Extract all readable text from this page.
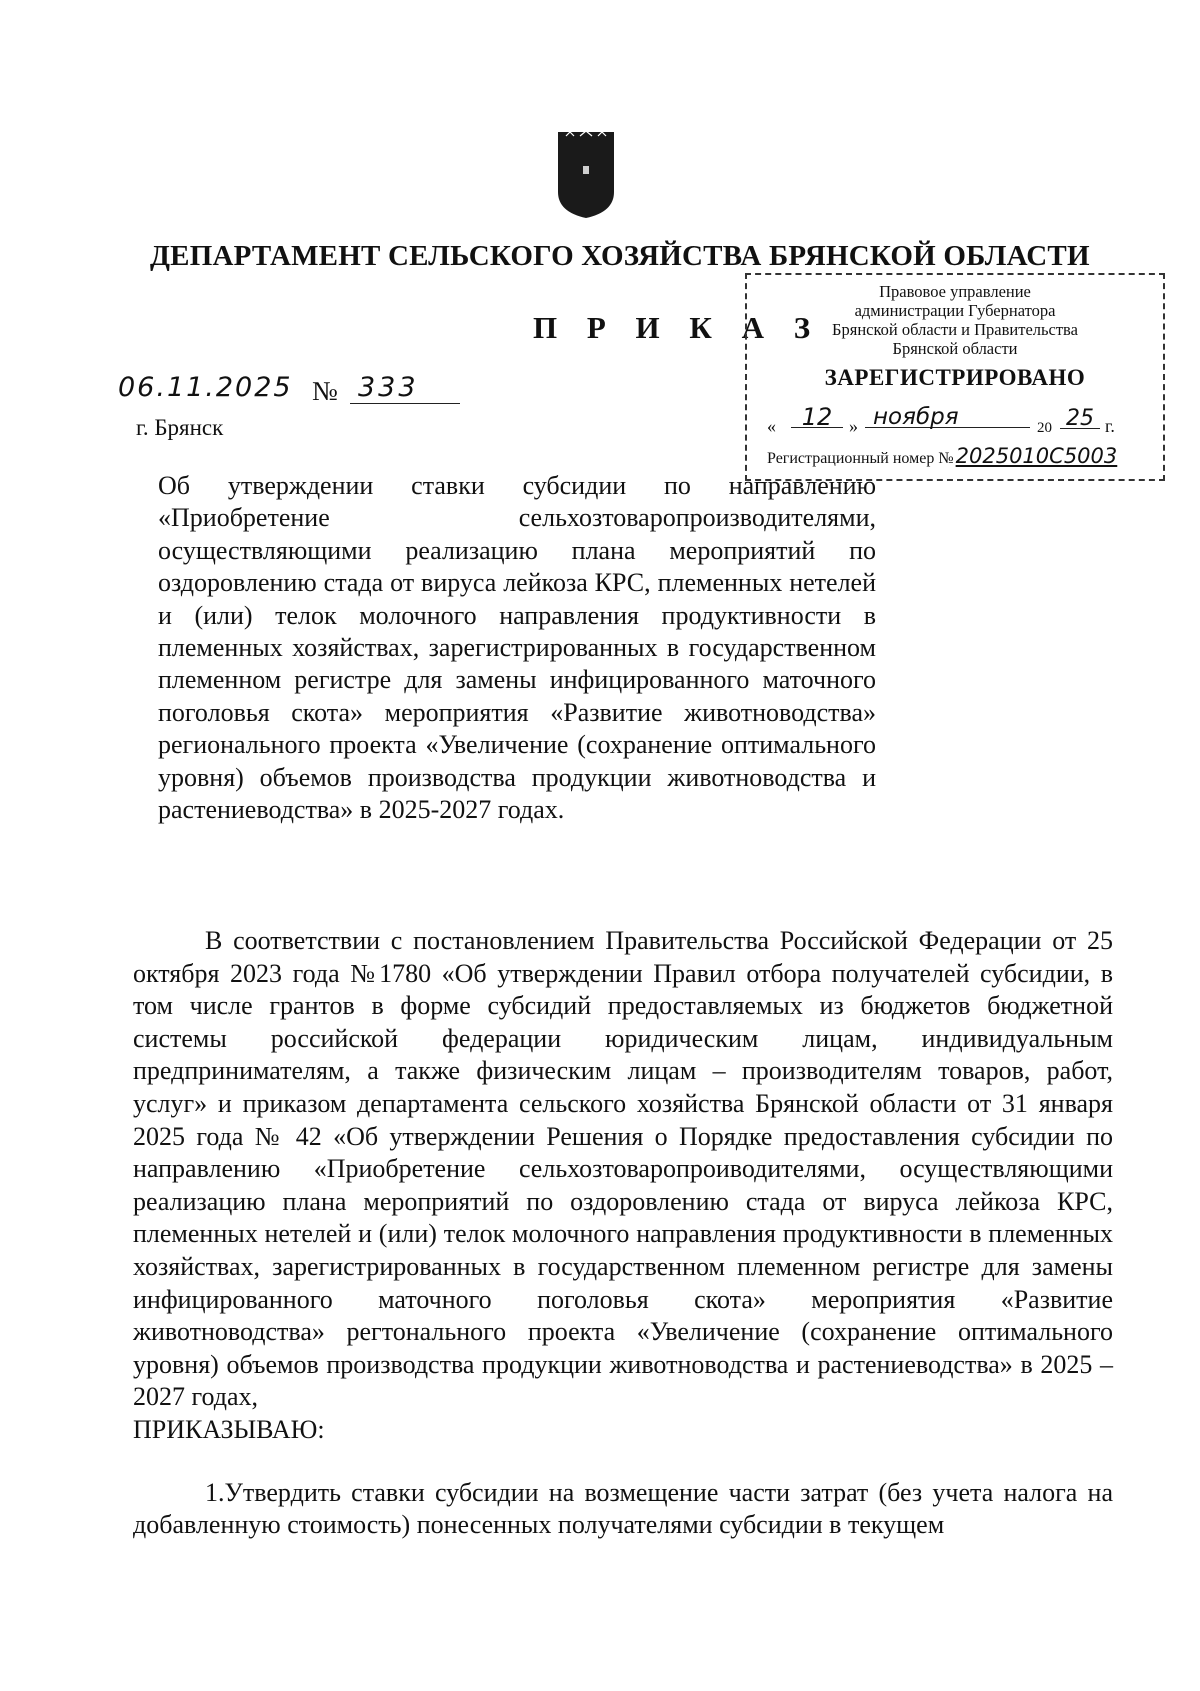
ДЕПАРТАМЕНТ СЕЛЬСКОГО ХОЗЯЙСТВА БРЯНСКОЙ ОБЛАСТИ
П Р И К А З
Правовое управление
администрации Губернатора
Брянской области и Правительства
Брянской области
ЗАРЕГИСТРИРОВАНО
«	12 » ноября	20 25 г.
Регистрационный номер №2025010С5003
06.11.2025 № 333
г. Брянск
Об утверждении ставки субсидии по направлению «Приобретение сельхозтоваропроизводителями, осуществляющими реализацию плана мероприятий по оздоровлению стада от вируса лейкоза КРС, племенных нетелей и (или) телок молочного направления продуктивности в племенных хозяйствах, зарегистрированных в государственном племенном регистре для замены инфицированного маточного поголовья скота» мероприятия «Развитие животноводства» регионального проекта «Увеличение (сохранение оптимального уровня) объемов производства продукции животноводства и растениеводства» в 2025-2027 годах.

В соответствии с постановлением Правительства Российской Федерации от 25 октября 2023 года №1780 «Об утверждении Правил отбора получателей субсидии, в том числе грантов в форме субсидий предоставляемых из бюджетов бюджетной системы российской федерации юридическим лицам, индивидуальным предпринимателям, а также физическим лицам – производителям товаров, работ, услуг» и приказом департамента сельского хозяйства Брянской области от 31 января 2025 года № 42 «Об утверждении Решения о Порядке предоставления субсидии по направлению «Приобретение сельхозтоваропроиводителями, осуществляющими реализацию плана мероприятий по оздоровлению стада от вируса лейкоза КРС, племенных нетелей и (или) телок молочного направления продуктивности в племенных хозяйствах, зарегистрированных в государственном племенном регистре для замены инфицированного маточного поголовья скота» мероприятия «Развитие животноводства» регтонального проекта «Увеличение (сохранение оптимального уровня) объемов производства продукции животноводства и растениеводства» в 2025 – 2027 годах,

ПРИКАЗЫВАЮ:

1.Утвердить ставки субсидии на возмещение части затрат (без учета налога на добавленную стоимость) понесенных получателями субсидии в текущем
